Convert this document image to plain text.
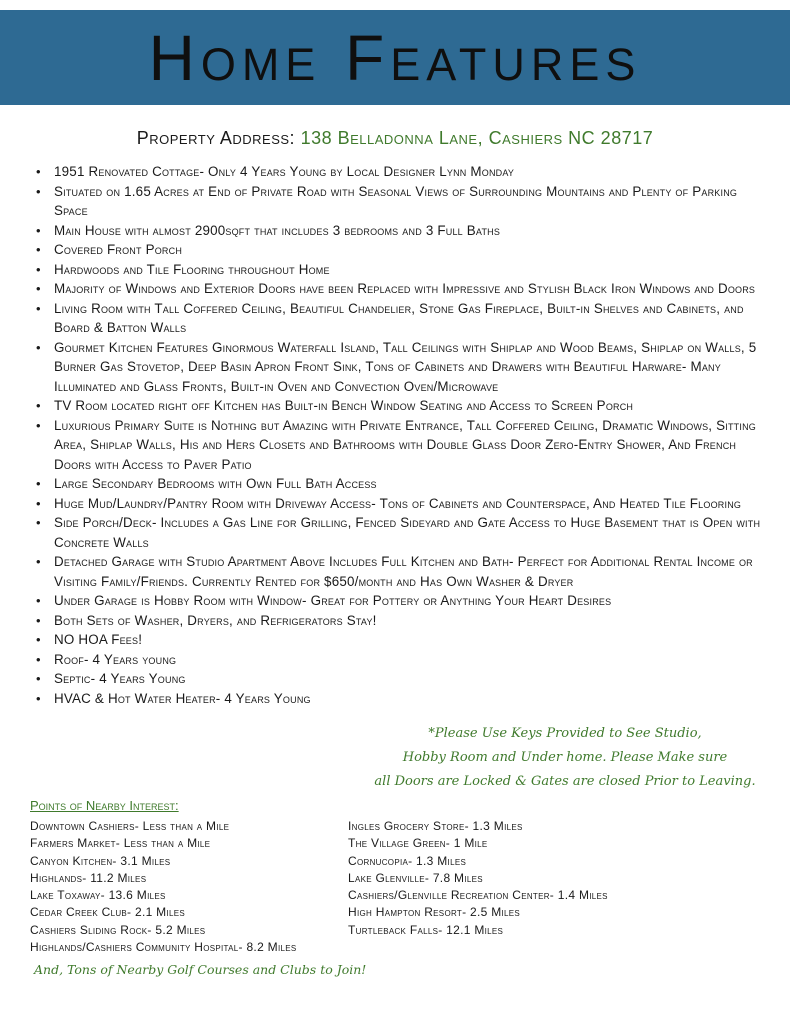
Home Features
Property Address: 138 Belladonna Lane, Cashiers NC 28717
• 1951 Renovated Cottage- Only 4 Years Young by Local Designer Lynn Monday
• Situated on 1.65 Acres at End of Private Road with Seasonal Views of Surrounding Mountains and Plenty of Parking Space
• Main House with almost 2900sqft that includes 3 bedrooms and 3 Full Baths
• Covered Front Porch
• Hardwoods and Tile Flooring throughout Home
• Majority of Windows and Exterior Doors have been Replaced with Impressive and Stylish Black Iron Windows and Doors
• Living Room with Tall Coffered Ceiling, Beautiful Chandelier, Stone Gas Fireplace, Built-in Shelves and Cabinets, and Board & Batton Walls
• Gourmet Kitchen Features Ginormous Waterfall Island, Tall Ceilings with Shiplap and Wood Beams, Shiplap on Walls, 5 Burner Gas Stovetop, Deep Basin Apron Front Sink, Tons of Cabinets and Drawers with Beautiful Harware- Many Illuminated and Glass Fronts, Built-in Oven and Convection Oven/Microwave
• TV Room located right off Kitchen has Built-in Bench Window Seating and Access to Screen Porch
• Luxurious Primary Suite is Nothing but Amazing with Private Entrance, Tall Coffered Ceiling, Dramatic Windows, Sitting Area, Shiplap Walls, His and Hers Closets and Bathrooms with Double Glass Door Zero-Entry Shower, And French Doors with Access to Paver Patio
• Large Secondary Bedrooms with Own Full Bath Access
• Huge Mud/Laundry/Pantry Room with Driveway Access- Tons of Cabinets and Counterspace, And Heated Tile Flooring
• Side Porch/Deck- Includes a Gas Line for Grilling, Fenced Sideyard and Gate Access to Huge Basement that is Open with Concrete Walls
• Detached Garage with Studio Apartment Above Includes Full Kitchen and Bath- Perfect for Additional Rental Income or Visiting Family/Friends. Currently Rented for $650/month and Has Own Washer & Dryer
• Under Garage is Hobby Room with Window- Great for Pottery or Anything Your Heart Desires
• Both Sets of Washer, Dryers, and Refrigerators Stay!
• NO HOA Fees!
• Roof- 4 Years young
• Septic- 4 Years Young
• HVAC & Hot Water Heater- 4 Years Young
*Please Use Keys Provided to See Studio,
Hobby Room and Under home. Please Make sure
all Doors are Locked & Gates are closed Prior to Leaving.
Points of Nearby Interest:
Downtown Cashiers- Less than a Mile
Farmers Market- Less than a Mile
Canyon Kitchen- 3.1 Miles
Highlands- 11.2 Miles
Lake Toxaway- 13.6 Miles
Cedar Creek Club- 2.1 Miles
Cashiers Sliding Rock- 5.2 Miles
Highlands/Cashiers Community Hospital- 8.2 Miles
Ingles Grocery Store- 1.3 Miles
The Village Green- 1 Mile
Cornucopia- 1.3 Miles
Lake Glenville- 7.8 Miles
Cashiers/Glenville Recreation Center- 1.4 Miles
High Hampton Resort- 2.5 Miles
Turtleback Falls- 12.1 Miles
And, Tons of Nearby Golf Courses and Clubs to Join!
